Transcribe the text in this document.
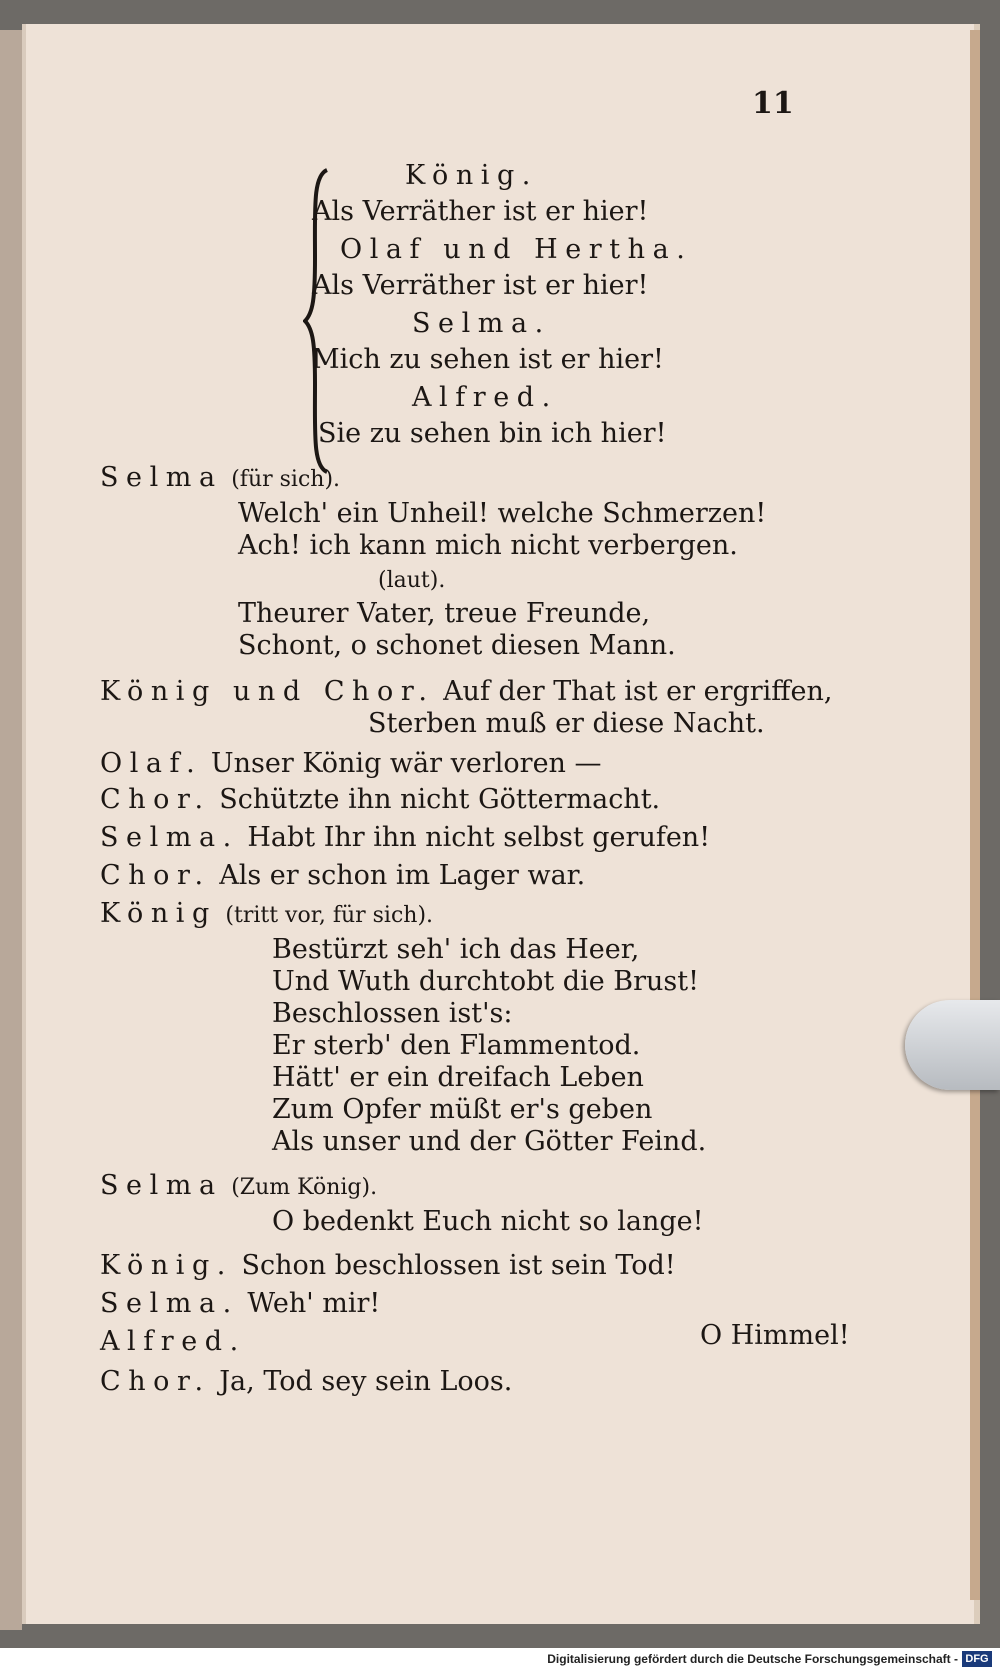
11
König.
Als Verräther ist er hier!
Olaf und Hertha.
Als Verräther ist er hier!
Selma.
Mich zu sehen ist er hier!
Alfred.
Sie zu sehen bin ich hier!
Selma (für sich).
Welch' ein Unheil! welche Schmerzen!
Ach! ich kann mich nicht verbergen.
(laut).
Theurer Vater, treue Freunde,
Schont, o schonet diesen Mann.
König und Chor. Auf der That ist er ergriffen,
Sterben muß er diese Nacht.
Olaf. Unser König wär verloren —
Chor. Schützte ihn nicht Göttermacht.
Selma. Habt Ihr ihn nicht selbst gerufen!
Chor. Als er schon im Lager war.
König (tritt vor, für sich).
Bestürzt seh' ich das Heer,
Und Wuth durchtobt die Brust!
Beschlossen ist's:
Er sterb' den Flammentod.
Hätt' er ein dreifach Leben
Zum Opfer müßt er's geben
Als unser und der Götter Feind.
Selma (Zum König).
O bedenkt Euch nicht so lange!
König. Schon beschlossen ist sein Tod!
Selma. Weh' mir!
Alfred.	O Himmel!
Chor. Ja, Tod sey sein Loos.
Digitalisierung gefördert durch die Deutsche Forschungsgemeinschaft - DFG
